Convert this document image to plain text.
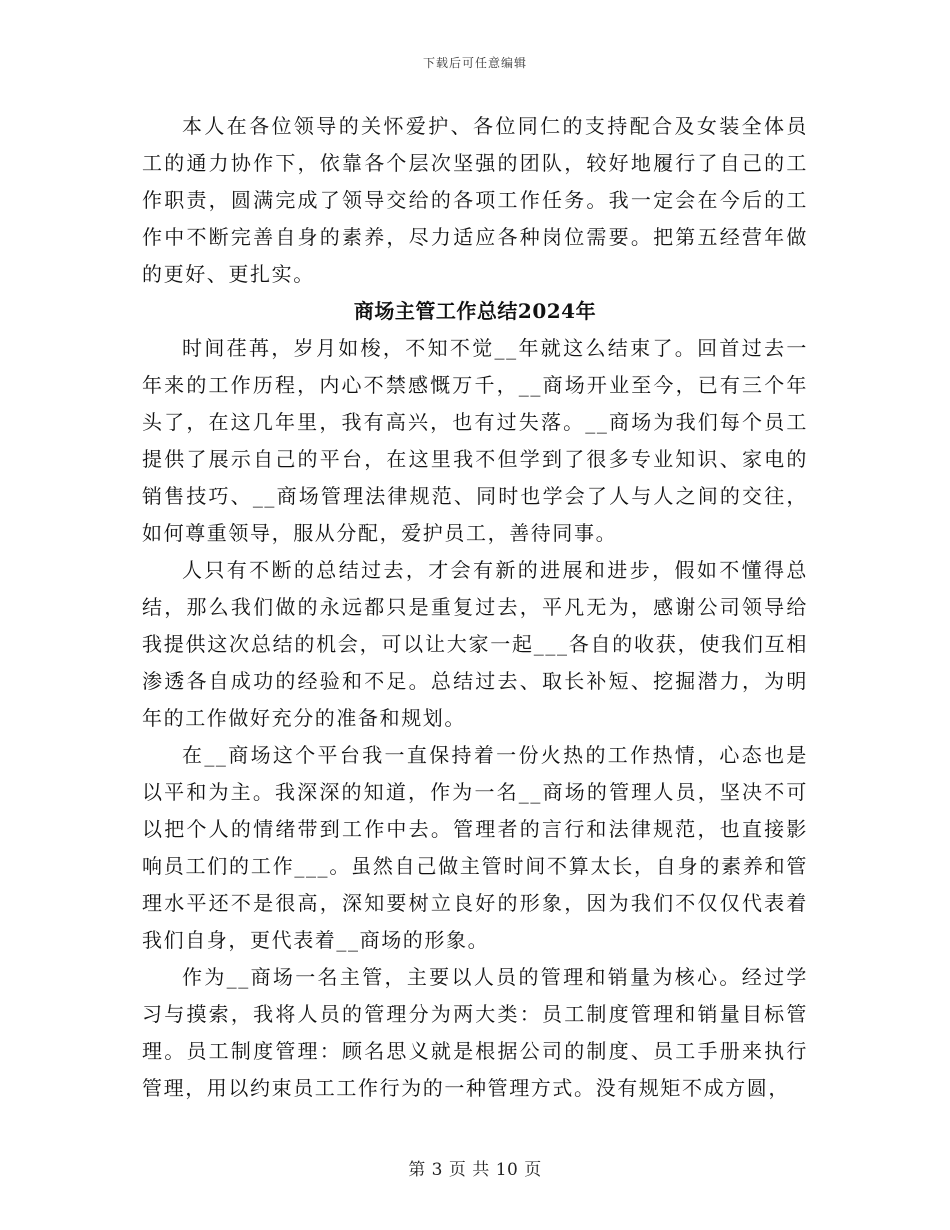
下载后可任意编辑

本人在各位领导的关怀爱护、各位同仁的支持配合及女装全体员工的通力协作下，依靠各个层次坚强的团队，较好地履行了自己的工作职责，圆满完成了领导交给的各项工作任务。我一定会在今后的工作中不断完善自身的素养，尽力适应各种岗位需要。把第五经营年做的更好、更扎实。

商场主管工作总结2024年

时间荏苒，岁月如梭，不知不觉__年就这么结束了。回首过去一年来的工作历程，内心不禁感慨万千，__商场开业至今，已有三个年头了，在这几年里，我有高兴，也有过失落。__商场为我们每个员工提供了展示自己的平台，在这里我不但学到了很多专业知识、家电的销售技巧、__商场管理法律规范、同时也学会了人与人之间的交往，如何尊重领导，服从分配，爱护员工，善待同事。

人只有不断的总结过去，才会有新的进展和进步，假如不懂得总结，那么我们做的永远都只是重复过去，平凡无为，感谢公司领导给我提供这次总结的机会，可以让大家一起___各自的收获，使我们互相渗透各自成功的经验和不足。总结过去、取长补短、挖掘潜力，为明年的工作做好充分的准备和规划。

在__商场这个平台我一直保持着一份火热的工作热情，心态也是以平和为主。我深深的知道，作为一名__商场的管理人员，坚决不可以把个人的情绪带到工作中去。管理者的言行和法律规范，也直接影响员工们的工作___。虽然自己做主管时间不算太长，自身的素养和管理水平还不是很高，深知要树立良好的形象，因为我们不仅仅代表着我们自身，更代表着__商场的形象。

作为__商场一名主管，主要以人员的管理和销量为核心。经过学习与摸索，我将人员的管理分为两大类：员工制度管理和销量目标管理。员工制度管理：顾名思义就是根据公司的制度、员工手册来执行管理，用以约束员工工作行为的一种管理方式。没有规矩不成方圆，

第 3 页 共 10 页
